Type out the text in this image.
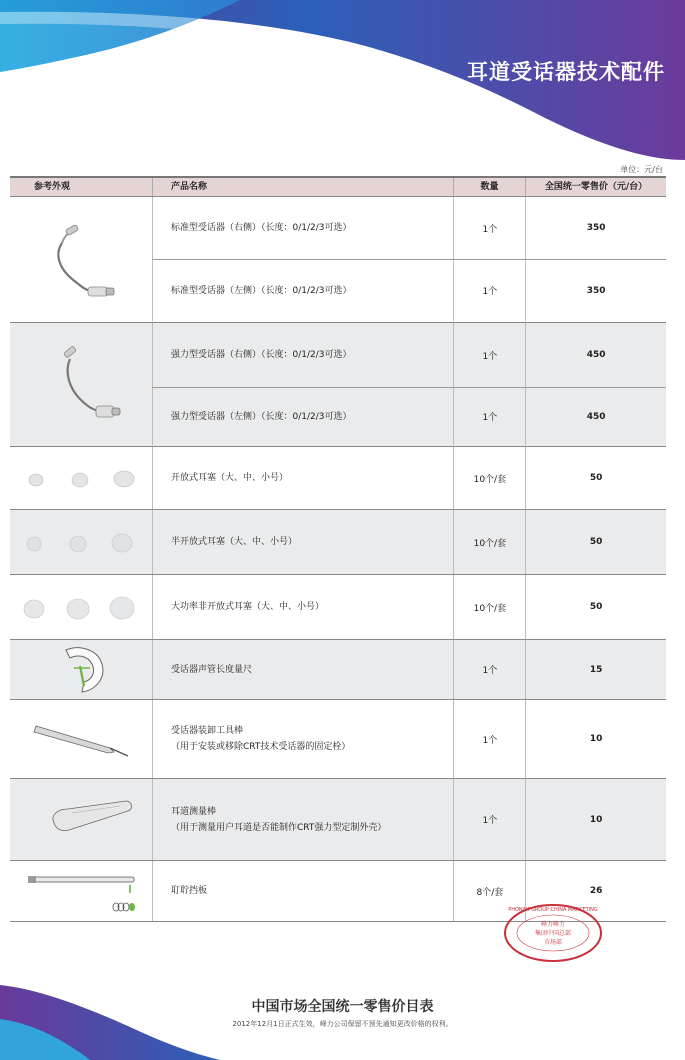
耳道受话器技术配件
单位：元/台
参考外观	产品名称	数量	全国统一零售价（元/台）
标准型受话器（右侧）（长度：0/1/2/3可选）	1个	350
标准型受话器（左侧）（长度：0/1/2/3可选）	1个	350
强力型受话器（右侧）（长度：0/1/2/3可选）	1个	450
强力型受话器（左侧）（长度：0/1/2/3可选）	1个	450
开放式耳塞（大、中、小号）	10个/套	50
半开放式耳塞（大、中、小号）	10个/套	50
大功率非开放式耳塞（大、中、小号）	10个/套	50
受话器声管长度量尺	1个	15
受话器装卸工具棒
（用于安装或移除CRT技术受话器的固定栓）
1个	10
耳道测量棒
（用于测量用户耳道是否能制作CRT强力型定制外壳）
1个	10
耵聍挡板	8个/套	26
PHONAK GROUP CHINA MARKETING
峰力峰力
集团中国总部
市场部
中国市场全国统一零售价目表
2012年12月1日正式生效，峰力公司保留不预先通知更改价格的权利。
